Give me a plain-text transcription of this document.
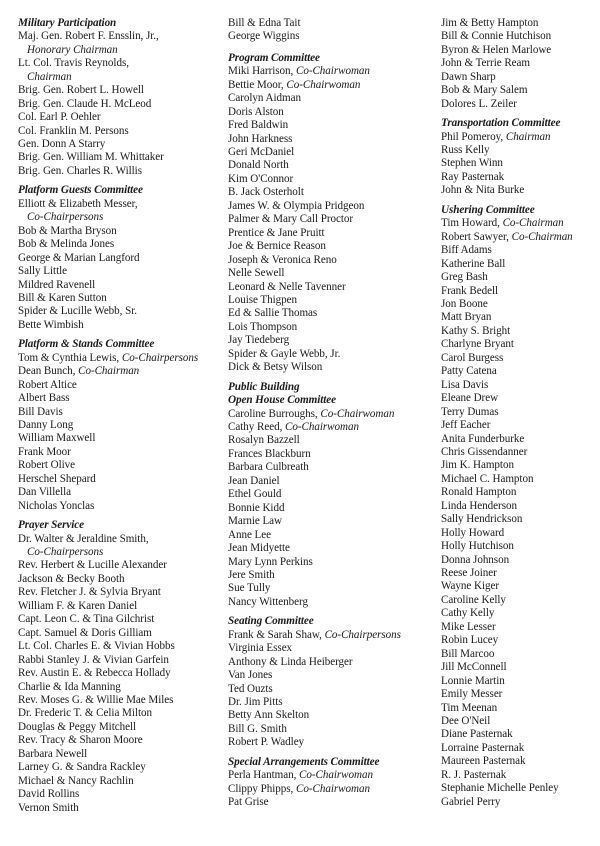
Military Participation
Maj. Gen. Robert F. Ensslin, Jr.,
Honorary Chairman
Lt. Col. Travis Reynolds,
Chairman
Brig. Gen. Robert L. Howell
Brig. Gen. Claude H. McLeod
Col. Earl P. Oehler
Col. Franklin M. Persons
Gen. Donn A Starry
Brig. Gen. William M. Whittaker
Brig. Gen. Charles R. Willis
Platform Guests Committee
Elliott & Elizabeth Messer,
Co-Chairpersons
Bob & Martha Bryson
Bob & Melinda Jones
George & Marian Langford
Sally Little
Mildred Ravenell
Bill & Karen Sutton
Spider & Lucille Webb, Sr.
Bette Wimbish
Platform & Stands Committee
Tom & Cynthia Lewis, Co-Chairpersons
Dean Bunch, Co-Chairman
Robert Altice
Albert Bass
Bill Davis
Danny Long
William Maxwell
Frank Moor
Robert Olive
Herschel Shepard
Dan Villella
Nicholas Yonclas
Prayer Service
Dr. Walter & Jeraldine Smith,
Co-Chairpersons
Rev. Herbert & Lucille Alexander
Jackson & Becky Booth
Rev. Fletcher J. & Sylvia Bryant
William F. & Karen Daniel
Capt. Leon C. & Tina Gilchrist
Capt. Samuel & Doris Gilliam
Lt. Col. Charles E. & Vivian Hobbs
Rabbi Stanley J. & Vivian Garfein
Rev. Austin E. & Rebecca Hollady
Charlie & Ida Manning
Rev. Moses G. & Willie Mae Miles
Dr. Frederic T. & Celia Milton
Douglas & Peggy Mitchell
Rev. Tracy & Sharon Moore
Barbara Newell
Larney G. & Sandra Rackley
Michael & Nancy Rachlin
David Rollins
Vernon Smith
Bill & Edna Tait
George Wiggins
Program Committee
Miki Harrison, Co-Chairwoman
Bettie Moor, Co-Chairwoman
Carolyn Aidman
Doris Alston
Fred Baldwin
John Harkness
Geri McDaniel
Donald North
Kim O'Connor
B. Jack Osterholt
James W. & Olympia Pridgeon
Palmer & Mary Call Proctor
Prentice & Jane Pruitt
Joe & Bernice Reason
Joseph & Veronica Reno
Nelle Sewell
Leonard & Nelle Tavenner
Louise Thigpen
Ed & Sallie Thomas
Lois Thompson
Jay Tiedeberg
Spider & Gayle Webb, Jr.
Dick & Betsy Wilson
Public Building
Open House Committee
Caroline Burroughs, Co-Chairwoman
Cathy Reed, Co-Chairwoman
Rosalyn Bazzell
Frances Blackburn
Barbara Culbreath
Jean Daniel
Ethel Gould
Bonnie Kidd
Marnie Law
Anne Lee
Jean Midyette
Mary Lynn Perkins
Jere Smith
Sue Tully
Nancy Wittenberg
Seating Committee
Frank & Sarah Shaw, Co-Chairpersons
Virginia Essex
Anthony & Linda Heiberger
Van Jones
Ted Ouzts
Dr. Jim Pitts
Betty Ann Skelton
Bill G. Smith
Robert P. Wadley
Special Arrangements Committee
Perla Hantman, Co-Chairwoman
Clippy Phipps, Co-Chairwoman
Pat Grise
Jim & Betty Hampton
Bill & Connie Hutchison
Byron & Helen Marlowe
John & Terrie Ream
Dawn Sharp
Bob & Mary Salem
Dolores L. Zeiler
Transportation Committee
Phil Pomeroy, Chairman
Russ Kelly
Stephen Winn
Ray Pasternak
John & Nita Burke
Ushering Committee
Tim Howard, Co-Chairman
Robert Sawyer, Co-Chairman
Biff Adams
Katherine Ball
Greg Bash
Frank Bedell
Jon Boone
Matt Bryan
Kathy S. Bright
Charlyne Bryant
Carol Burgess
Patty Catena
Lisa Davis
Eleane Drew
Terry Dumas
Jeff Eacher
Anita Funderburke
Chris Gissendanner
Jim K. Hampton
Michael C. Hampton
Ronald Hampton
Linda Henderson
Sally Hendrickson
Holly Howard
Holly Hutchison
Donna Johnson
Reese Joiner
Wayne Kiger
Caroline Kelly
Cathy Kelly
Mike Lesser
Robin Lucey
Bill Marcoo
Jill McConnell
Lonnie Martin
Emily Messer
Tim Meenan
Dee O'Neil
Diane Pasternak
Lorraine Pasternak
Maureen Pasternak
R. J. Pasternak
Stephanie Michelle Penley
Gabriel Perry
